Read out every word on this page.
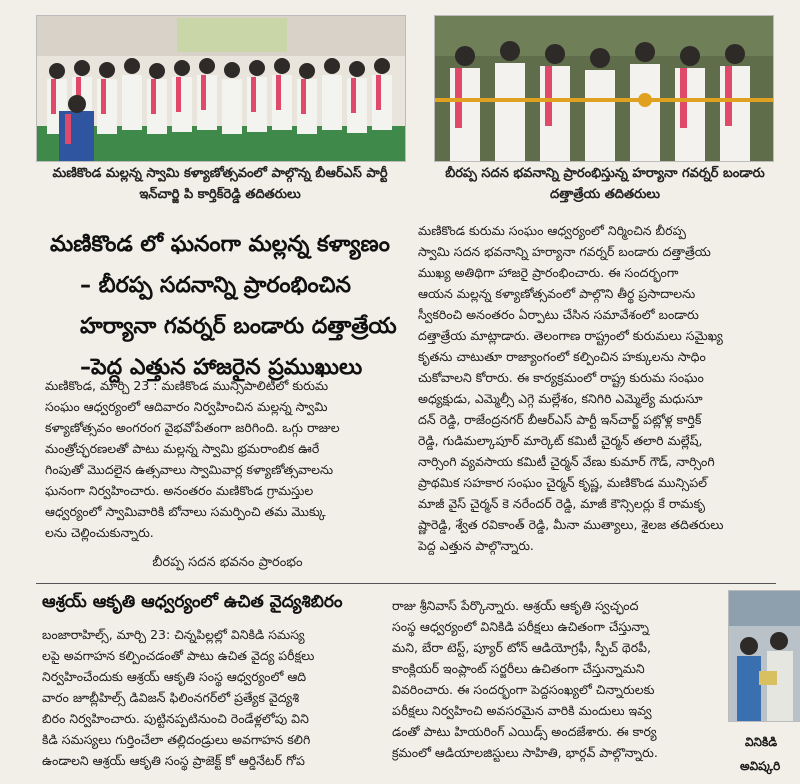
మణికొండ మల్లన్న స్వామి కళ్యాణోత్సవంలో పాల్గొన్న బీఆర్ఎస్ పార్టీ ఇన్‌చార్జి పి కార్తిక్‌రెడ్డి తదితరులు
బీరప్ప సదన భవనాన్ని ప్రారంభిస్తున్న హర్యానా గవర్నర్ బండారు దత్తాత్రేయ తదితరులు
మణికొండ లో ఘనంగా మల్లన్న కళ్యాణం
– బీరప్ప సదనాన్ని ప్రారంభించిన
హర్యానా గవర్నర్ బండారు దత్తాత్రేయ
–పెద్ద ఎత్తున హాజరైన ప్రముఖులు
మణికొండ, మార్చి 23 : మణికొండ మున్సిపాలిటీలో కురుమ
సంఘం ఆధ్వర్యంలో ఆదివారం నిర్వహించిన మల్లన్న స్వామి
కళ్యాణోత్సవం అంగరంగ వైభవోపేతంగా జరిగింది. ఒగ్గు రాజుల
మంత్రోచ్ఛరణలతో పాటు మల్లన్న స్వామి భ్రమరాంబిక ఊరే
గింపుతో మొదలైన ఉత్సవాలు స్వామివార్ల కళ్యాణోత్సవాలను
ఘనంగా నిర్వహించారు. అనంతరం మణికొండ గ్రామస్తుల
ఆధ్వర్యంలో స్వామివారికి బోనాలు సమర్పించి తమ మొక్కు
లను చెల్లించుకున్నారు.
బీరప్ప సదన భవనం ప్రారంభం
మణికొండ కురుమ సంఘం ఆధ్వర్యంలో నిర్మించిన బీరప్ప
స్వామి సదన భవనాన్ని హర్యానా గవర్నర్ బండారు దత్తాత్రేయ
ముఖ్య అతిథిగా హాజరై ప్రారంభించారు. ఈ సందర్భంగా
ఆయన మల్లన్న కళ్యాణోత్సవంలో పాల్గొని తీర్థ ప్రసాదాలను
స్వీకరించి అనంతరం ఏర్పాటు చేసిన సమావేశంలో బండారు
దత్తాత్రేయ మాట్లాడారు. తెలంగాణ రాష్ట్రంలో కురుమలు సమైఖ్య
కృతను చాటుతూ రాజ్యాంగంలో కల్పించిన హక్కులను సాధిం
చుకోవాలని కోరారు. ఈ కార్యక్రమంలో రాష్ట్ర కురుమ సంఘం
అధ్యక్షుడు, ఎమ్మెల్సీ ఎగ్గె మల్లేశం, కనిగిరి ఎమ్మెల్యే మధుసూ
దన్ రెడ్డి, రాజేంద్రనగర్ బీఆర్ఎస్ పార్టీ ఇన్‌చార్జ్ పట్లోళ్ల కార్తిక్
రెడ్డి, గుడిమల్కాపూర్ మార్కెట్ కమిటీ చైర్మన్ తలారి మల్లేష్,
నార్సింగి వ్యవసాయ కమిటీ చైర్మన్ వేణు కుమార్ గౌడ్, నార్సింగి
ప్రాథమిక సహకార సంఘం చైర్మన్ కృష్ణ, మణికొండ మున్సిపల్
మాజీ వైస్ చైర్మన్ కె నరేందర్ రెడ్డి, మాజీ కౌన్సిలర్లు కే రామకృ
ష్ణారెడ్డి, శ్వేత రవికాంత్ రెడ్డి, మీనా ముత్యాలు, శైలజ తదితరులు
పెద్ద ఎత్తున పాల్గొన్నారు.
ఆశ్రయ్ ఆకృతి ఆధ్వర్యంలో ఉచిత వైద్యశిబిరం
బంజారాహిల్స్, మార్చి 23: చిన్నపిల్లల్లో వినికిడి సమస్య
లపై అవగాహన కల్పించడంతో పాటు ఉచిత వైద్య పరీక్షలు
నిర్వహించేందుకు ఆశ్రయ్ ఆకృతి సంస్థ ఆధ్వర్యంలో ఆది
వారం జూబ్లీహిల్స్ డివిజన్ ఫిలింనగర్‌లో ప్రత్యేక వైద్యశి
బిరం నిర్వహించారు. పుట్టినప్పటినుంచి రెండేళ్లలోపు విని
కిడి సమస్యలు గుర్తించేలా తల్లిదండ్రులు అవగాహన కలిగి
ఉండాలని ఆశ్రయ్ ఆకృతి సంస్థ ప్రాజెక్ట్ కో ఆర్డినేటర్ గోప
రాజు శ్రీనివాస్ పేర్కొన్నారు. ఆశ్రయ్ ఆకృతి స్వచ్ఛంద
సంస్థ ఆధ్వర్యంలో వినికిడి పరీక్షలు ఉచితంగా చేస్తున్నా
మని, బేరా టెస్ట్, ప్యూర్ టోన్ ఆడియోగ్రఫీ, స్పీచ్ థెరపీ,
కాంక్లియర్ ఇంప్లాంట్ సర్జరీలు ఉచితంగా చేస్తున్నామని
వివరించారు. ఈ సందర్భంగా పెద్దసంఖ్యలో చిన్నారులకు
పరీక్షలు నిర్వహించి అవసరమైన వారికి మందులు ఇవ్వ
డంతో పాటు హియరింగ్ ఎయిడ్స్ అందజేశారు. ఈ కార్య
క్రమంలో ఆడియాలజిస్టులు సాహితి, భార్గవ్ పాల్గొన్నారు.
వినికిడి
అవిష్కరి
